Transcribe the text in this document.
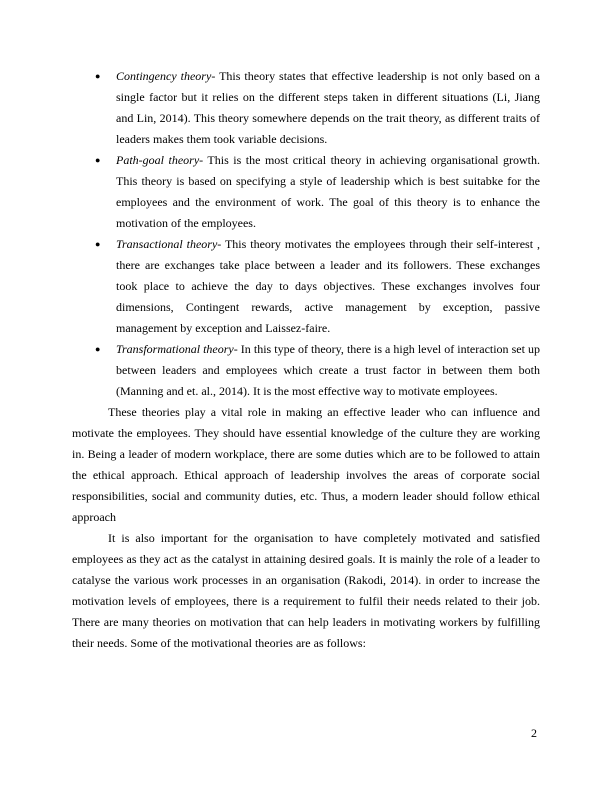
● Contingency theory- This theory states that effective leadership is not only based on a single factor but it relies on the different steps taken in different situations (Li, Jiang and Lin, 2014). This theory somewhere depends on the trait theory, as different traits of leaders makes them took variable decisions.
● Path-goal theory- This is the most critical theory in achieving organisational growth. This theory is based on specifying a style of leadership which is best suitabke for the employees and the environment of work. The goal of this theory is to enhance the motivation of the employees.
● Transactional theory- This theory motivates the employees through their self-interest , there are exchanges take place between a leader and its followers. These exchanges took place to achieve the day to days objectives. These exchanges involves four dimensions, Contingent rewards, active management by exception, passive management by exception and Laissez-faire.
● Transformational theory- In this type of theory, there is a high level of interaction set up between leaders and employees which create a trust factor in between them both (Manning and et. al., 2014). It is the most effective way to motivate employees.

These theories play a vital role in making an effective leader who can influence and motivate the employees. They should have essential knowledge of the culture they are working in. Being a leader of modern workplace, there are some duties which are to be followed to attain the ethical approach. Ethical approach of leadership involves the areas of corporate social responsibilities, social and community duties, etc. Thus, a modern leader should follow ethical approach

It is also important for the organisation to have completely motivated and satisfied employees as they act as the catalyst in attaining desired goals. It is mainly the role of a leader to catalyse the various work processes in an organisation (Rakodi, 2014). in order to increase the motivation levels of employees, there is a requirement to fulfil their needs related to their job. There are many theories on motivation that can help leaders in motivating workers by fulfilling their needs. Some of the motivational theories are as follows:

2
